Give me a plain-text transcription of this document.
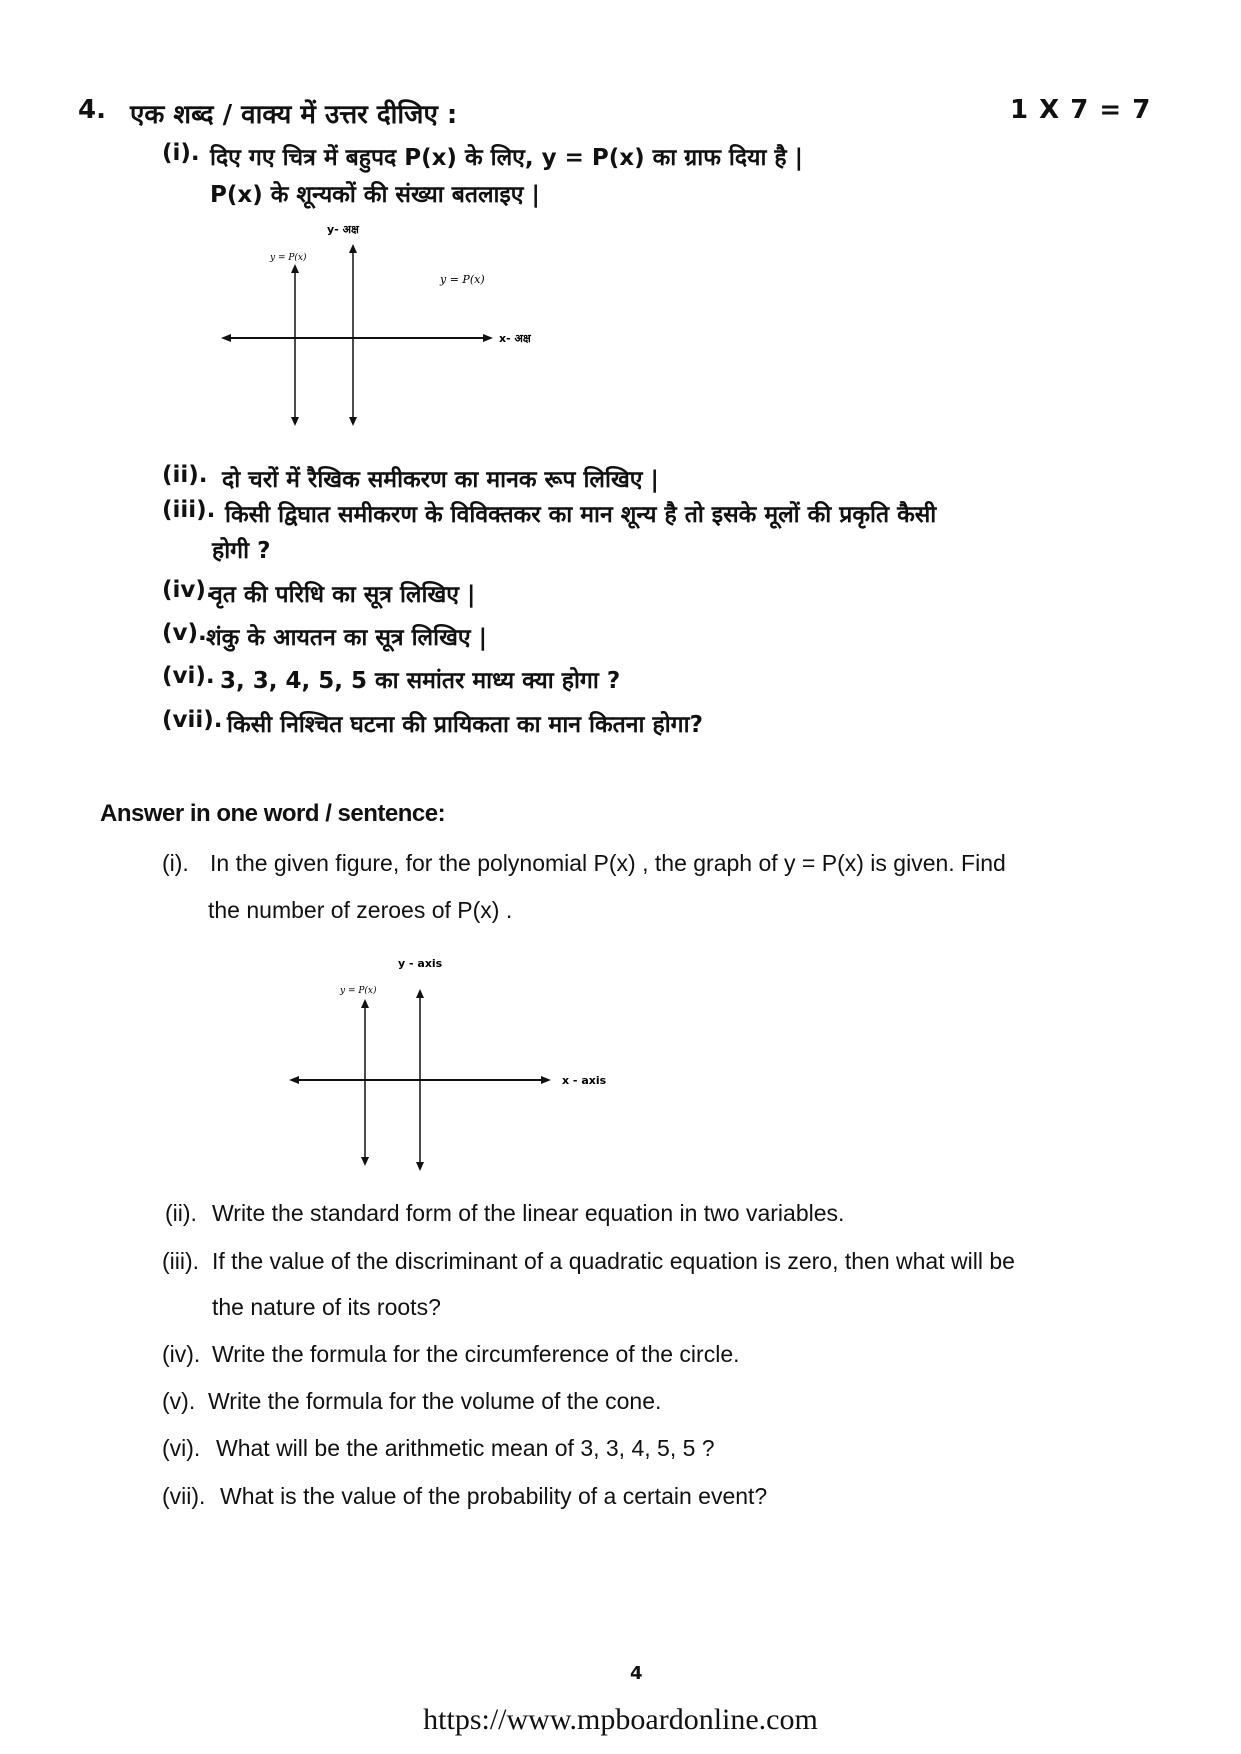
4. एक शब्द / वाक्य में उत्तर दीजिए :	1 X 7 = 7
(i). दिए गए चित्र में बहुपद P(x) के लिए, y = P(x) का ग्राफ दिया है |
P(x) के शून्यकों की संख्या बतलाइए |
y- अक्ष
x- अक्ष
y = P(x)
y = P(x)
(ii). दो चरों में रैखिक समीकरण का मानक रूप लिखिए |
(iii). किसी द्विघात समीकरण के विविक्तकर का मान शून्य है तो इसके मूलों की प्रकृति कैसी
होगी ?
(iv).
वृत की परिधि का सूत्र लिखिए |
(v). शंकु के आयतन का सूत्र लिखिए |
(vi). 3, 3, 4, 5, 5 का समांतर माध्य क्या होगा ?
(vii). किसी निश्चित घटना की प्रायिकता का मान कितना होगा?
Answer in one word / sentence:
(i). In the given figure, for the polynomial P(x) , the graph of y = P(x) is given. Find
the number of zeroes of P(x) .
y - axis
x - axis
y = P(x)
(ii). Write the standard form of the linear equation in two variables.
(iii). If the value of the discriminant of a quadratic equation is zero, then what will be
the nature of its roots?
(iv). Write the formula for the circumference of the circle.
(v). Write the formula for the volume of the cone.
(vi). What will be the arithmetic mean of 3, 3, 4, 5, 5 ?
(vii). What is the value of the probability of a certain event?
4
https://www.mpboardonline.com
